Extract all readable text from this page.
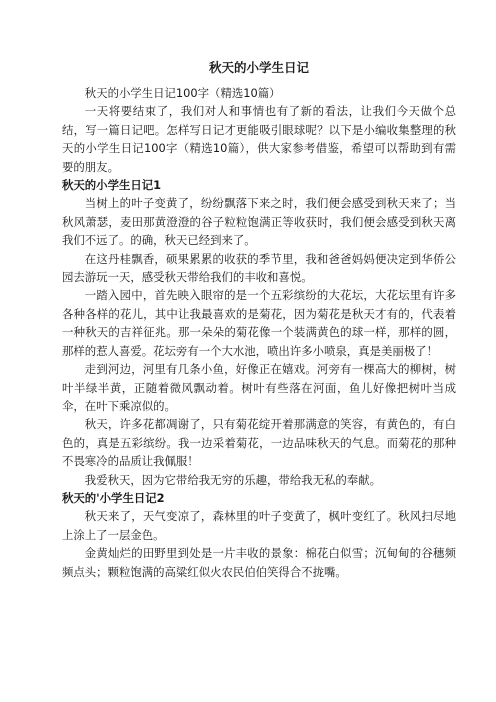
秋天的小学生日记

秋天的小学生日记100字（精选10篇）

一天将要结束了，我们对人和事情也有了新的看法，让我们今天做个总结，写一篇日记吧。怎样写日记才更能吸引眼球呢？以下是小编收集整理的秋天的小学生日记100字（精选10篇），供大家参考借鉴，希望可以帮助到有需要的朋友。

秋天的小学生日记1

当树上的叶子变黄了，纷纷飘落下来之时，我们便会感受到秋天来了；当秋风萧瑟，麦田那黄澄澄的谷子粒粒饱满正等收获时，我们便会感受到秋天离我们不远了。的确，秋天已经到来了。

在这丹桂飘香，硕果累累的收获的季节里，我和爸爸妈妈便决定到华侨公园去游玩一天，感受秋天带给我们的丰收和喜悦。

一踏入园中，首先映入眼帘的是一个五彩缤纷的大花坛，大花坛里有许多各种各样的花儿，其中让我最喜欢的是菊花，因为菊花是秋天才有的，代表着一种秋天的吉祥征兆。那一朵朵的菊花像一个装满黄色的球一样，那样的圆，那样的惹人喜爱。花坛旁有一个大水池，喷出许多小喷泉，真是美丽极了！

走到河边，河里有几条小鱼，好像正在嬉戏。河旁有一棵高大的柳树，树叶半绿半黄，正随着微风飘动着。树叶有些落在河面，鱼儿好像把树叶当成伞，在叶下乘凉似的。

秋天，许多花都凋谢了，只有菊花绽开着那满意的笑容，有黄色的，有白色的，真是五彩缤纷。我一边采着菊花，一边品味秋天的气息。而菊花的那种不畏寒冷的品质让我佩服！

我爱秋天，因为它带给我无穷的乐趣，带给我无私的奉献。

秋天的'小学生日记2

秋天来了，天气变凉了，森林里的叶子变黄了，枫叶变红了。秋风扫尽地上涂上了一层金色。

金黄灿烂的田野里到处是一片丰收的景象：棉花白似雪；沉甸甸的谷穗频频点头；颗粒饱满的高粱红似火农民伯伯笑得合不拢嘴。
